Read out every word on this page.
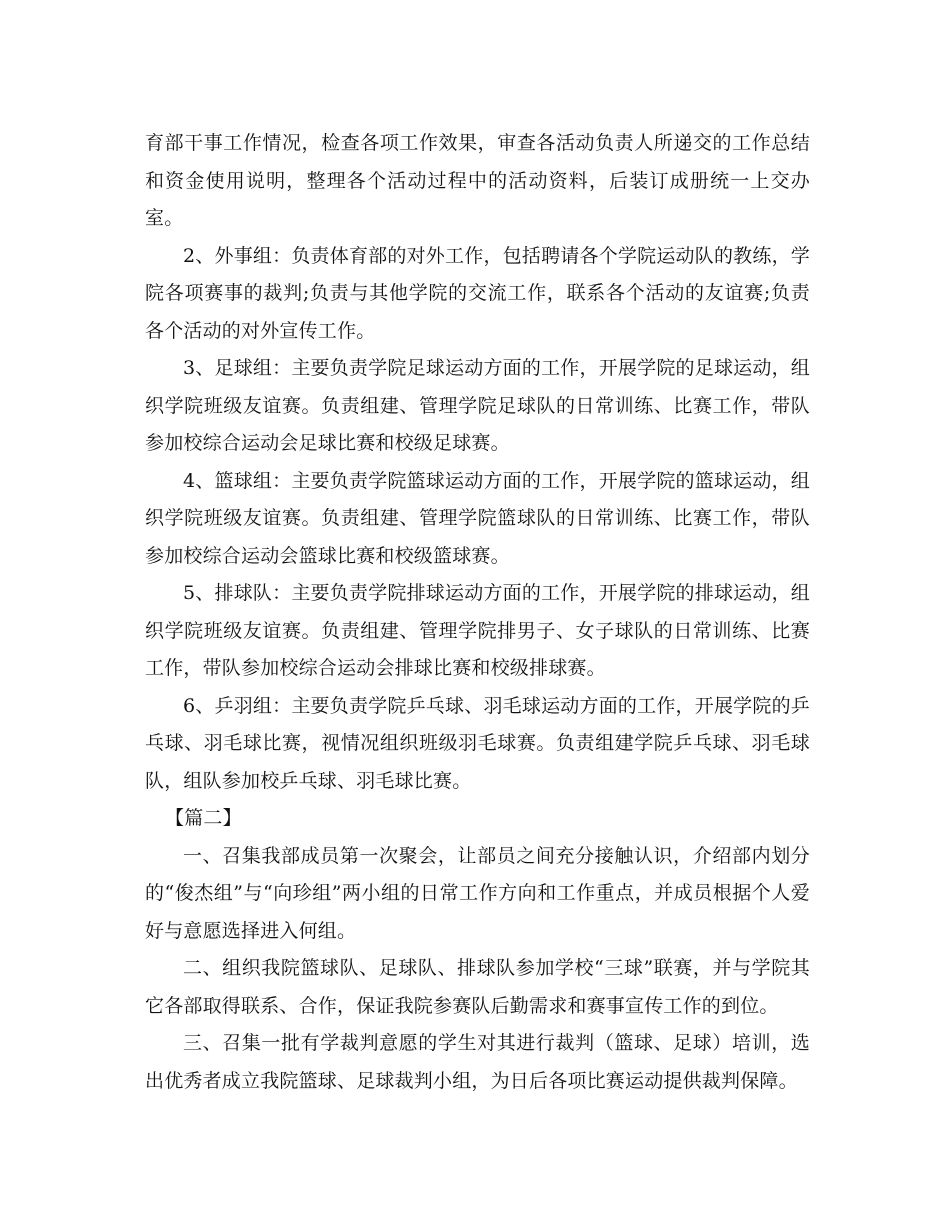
育部干事工作情况，检查各项工作效果，审查各活动负责人所递交的工作总结和资金使用说明，整理各个活动过程中的活动资料，后装订成册统一上交办室。

2、外事组：负责体育部的对外工作，包括聘请各个学院运动队的教练，学院各项赛事的裁判;负责与其他学院的交流工作，联系各个活动的友谊赛;负责各个活动的对外宣传工作。

3、足球组：主要负责学院足球运动方面的工作，开展学院的足球运动，组织学院班级友谊赛。负责组建、管理学院足球队的日常训练、比赛工作，带队参加校综合运动会足球比赛和校级足球赛。

4、篮球组：主要负责学院篮球运动方面的工作，开展学院的篮球运动，组织学院班级友谊赛。负责组建、管理学院篮球队的日常训练、比赛工作，带队参加校综合运动会篮球比赛和校级篮球赛。

5、排球队：主要负责学院排球运动方面的工作，开展学院的排球运动，组织学院班级友谊赛。负责组建、管理学院排男子、女子球队的日常训练、比赛工作，带队参加校综合运动会排球比赛和校级排球赛。

6、乒羽组：主要负责学院乒乓球、羽毛球运动方面的工作，开展学院的乒乓球、羽毛球比赛，视情况组织班级羽毛球赛。负责组建学院乒乓球、羽毛球队，组队参加校乒乓球、羽毛球比赛。

【篇二】

一、召集我部成员第一次聚会，让部员之间充分接触认识，介绍部内划分的“俊杰组”与“向珍组”两小组的日常工作方向和工作重点，并成员根据个人爱好与意愿选择进入何组。

二、组织我院篮球队、足球队、排球队参加学校“三球”联赛，并与学院其它各部取得联系、合作，保证我院参赛队后勤需求和赛事宣传工作的到位。

三、召集一批有学裁判意愿的学生对其进行裁判（篮球、足球）培训，选出优秀者成立我院篮球、足球裁判小组，为日后各项比赛运动提供裁判保障。
